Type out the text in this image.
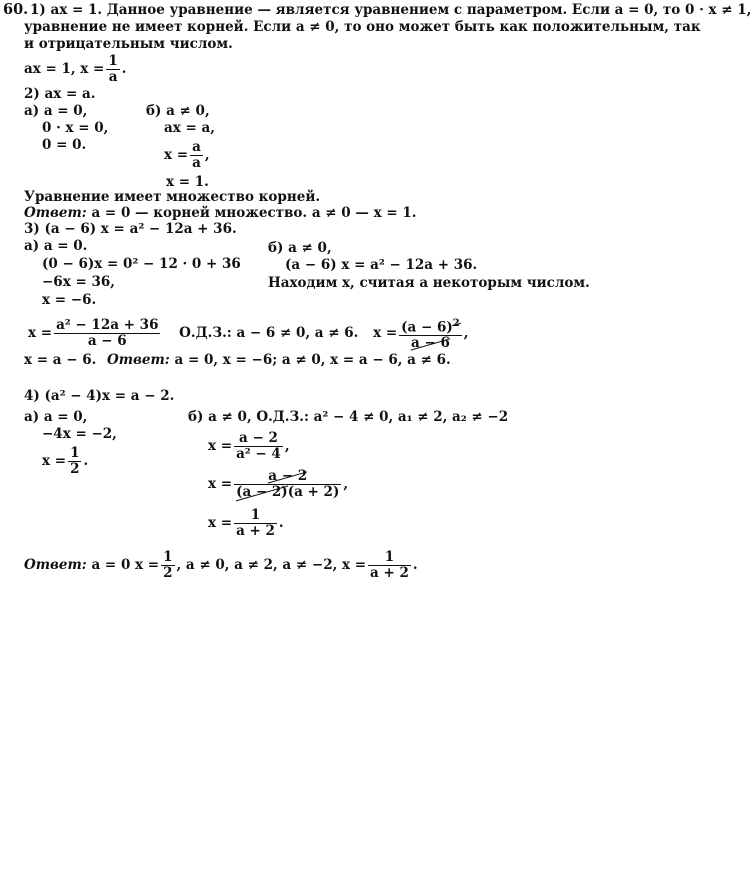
60. 1) ax = 1. Данное уравнение — является уравнением с параметром. Если a = 0, то 0 · x ≠ 1,
уравнение не имеет корней. Если a ≠ 0, то оно может быть как положительным, так
и отрицательным числом.
ax = 1, $x = \frac{1}{a}$ .
2) ax = a.
а) a = 0,
0 · x = 0,
0 = 0.
б) a ≠ 0,
ax = a,
$x = \frac{a}{a}$ ,
x = 1.
Уравнение имеет множество корней.
Ответ: a = 0 — корней множество. a ≠ 0 — x = 1.
3) (a − 6) x = a² − 12a + 36.
а) a = 0.
(0 − 6)x = 0² − 12 · 0 + 36
−6x = 36,
x = −6.
б) a ≠ 0,
(a − 6) x = a² − 12a + 36.
Находим x, считая a некоторым числом.
$x = \frac{\text{a² − 12a + 36}}{a - 6} О.Д.З$.: a − 6 ≠ 0, a ≠ 6. $x = \frac{(a - 6)^2}{a - 6}$ ,
x = a − 6. Ответ: a = 0, x = −6; a ≠ 0, x = a − 6, a ≠ 6.
4) (a² − 4)x = a − 2.
а) a = 0,
−4x = −2,
$x = \frac{1}{2}$ .
б) a ≠ 0, О.Д.З.: a² − 4 ≠ 0, a₁ ≠ 2, a₂ ≠ −2
$x = \frac{a - 2}{\text{a² − 4}}$ ,
$x = \frac{a - 2}{(a - 2)(a + 2)}$ ,
$x = \frac{1}{a + 2}$ .
Ответ: a = 0 $x = \frac{1}{2}$ , a ≠ 0, a ≠ 2, a ≠ −2, $x = \frac{1}{a + 2}$ .
